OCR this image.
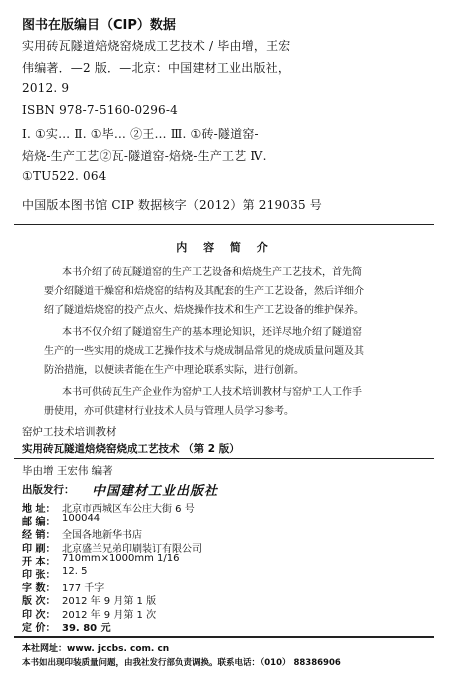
图书在版编目（CIP）数据
实用砖瓦隧道焙烧窑烧成工艺技术 / 毕由增，王宏
伟编著．—2 版．—北京：中国建材工业出版社，
2012. 9
ISBN 978-7-5160-0296-4
Ⅰ. ①实… Ⅱ. ①毕… ②王… Ⅲ. ①砖-隧道窑-
焙烧-生产工艺②瓦-隧道窑-焙烧-生产工艺 Ⅳ.
①TU522. 064
中国版本图书馆 CIP 数据核字（2012）第 219035 号
内 容 简 介
本书介绍了砖瓦隧道窑的生产工艺设备和焙烧生产工艺技术，首先简
要介绍隧道干燥窑和焙烧窑的结构及其配套的生产工艺设备，然后详细介
绍了隧道焙烧窑的投产点火、焙烧操作技术和生产工艺设备的维护保养。
本书不仅介绍了隧道窑生产的基本理论知识，还详尽地介绍了隧道窑
生产的一些实用的烧成工艺操作技术与烧成制品常见的烧成质量问题及其
防治措施，以便读者能在生产中理论联系实际，进行创新。
本书可供砖瓦生产企业作为窑炉工人技术培训教材与窑炉工人工作手
册使用，亦可供建材行业技术人员与管理人员学习参考。
窑炉工技术培训教材
实用砖瓦隧道焙烧窑烧成工艺技术 （第 2 版）
毕由增 王宏伟 编著
出版发行： 中国建材工业出版社
地 址： 北京市西城区车公庄大街 6 号
邮 编： 100044
经 销： 全国各地新华书店
印 刷： 北京盛兰兄弟印刷装订有限公司
开 本： 710mm×1000mm 1/16
印 张： 12. 5
字 数： 177 千字
版 次： 2012 年 9 月第 1 版
印 次： 2012 年 9 月第 1 次
定 价： 39. 80 元
本社网址：www. jccbs. com. cn
本书如出现印装质量问题，由我社发行部负责调换。联系电话：（010） 88386906
